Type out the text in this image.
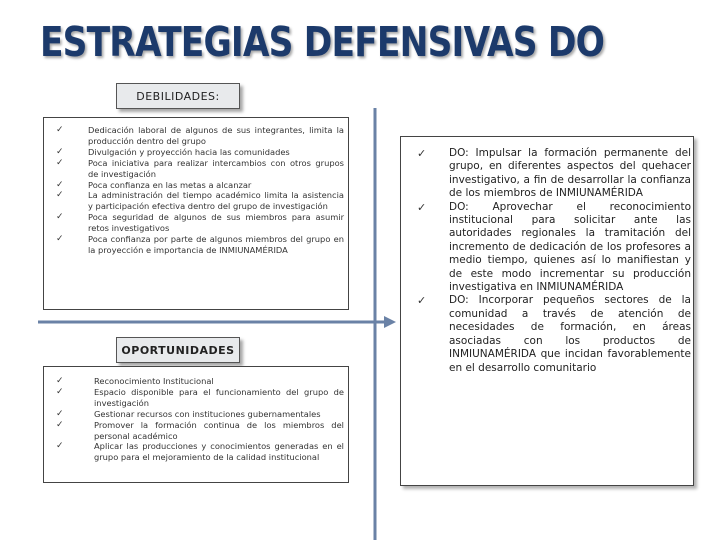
ESTRATEGIAS DEFENSIVAS DO
DEBILIDADES:
✓	Dedicación laboral de algunos de sus integrantes, limita la producción dentro del grupo
✓	Divulgación y proyección hacia las comunidades
✓	Poca iniciativa para realizar intercambios con otros grupos de investigación
✓	Poca confianza en las metas a alcanzar
✓	La administración del tiempo académico limita la asistencia y participación efectiva dentro del grupo de investigación
✓	Poca seguridad de algunos de sus miembros para asumir retos investigativos
✓	Poca confianza por parte de algunos miembros del grupo en la proyección e importancia de INMIUNAMÉRIDA
OPORTUNIDADES
✓	Reconocimiento Institucional
✓	Espacio disponible para el funcionamiento del grupo de investigación
✓	Gestionar recursos con instituciones gubernamentales
✓	Promover la formación continua de los miembros del personal académico
✓	Aplicar las producciones y conocimientos generadas en el grupo para el mejoramiento de la calidad institucional
✓ DO: Impulsar la formación permanente del grupo, en diferentes aspectos del quehacer investigativo, a fin de desarrollar la confianza de los miembros de INMIUNAMÉRIDA
✓ DO: Aprovechar el reconocimiento institucional para solicitar ante las autoridades regionales la tramitación del incremento de dedicación de los profesores a medio tiempo, quienes así lo manifiestan y de este modo incrementar su producción investigativa en INMIUNAMÉRIDA
✓ DO: Incorporar pequeños sectores de la comunidad a través de atención de necesidades de formación, en áreas asociadas con los productos de INMIUNAMÉRIDA que incidan favorablemente en el desarrollo comunitario
